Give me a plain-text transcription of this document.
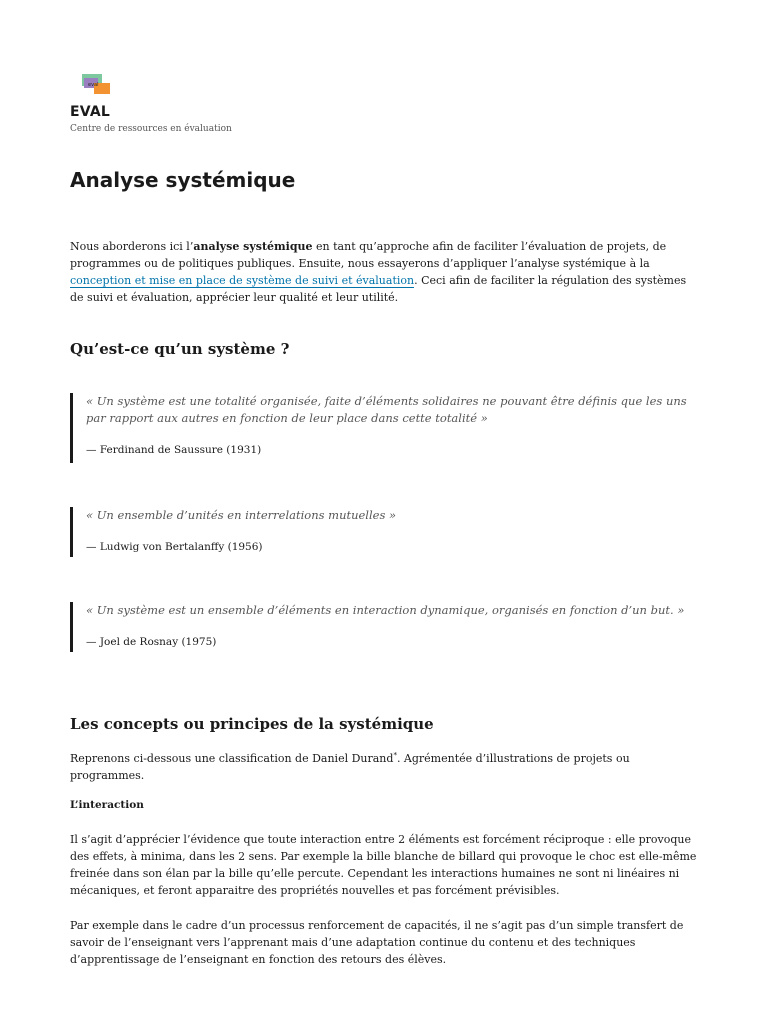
eval
EVAL
Centre de ressources en évaluation
Analyse systémique

Nous aborderons ici l’analyse systémique en tant qu’approche afin de faciliter l’évaluation de projets, de programmes ou de politiques publiques. Ensuite, nous essayerons d’appliquer l’analyse systémique à la conception et mise en place de système de suivi et évaluation. Ceci afin de faciliter la régulation des systèmes de suivi et évaluation, apprécier leur qualité et leur utilité.

Qu’est-ce qu’un système ?

« Un système est une totalité organisée, faite d’éléments solidaires ne pouvant être définis que les uns par rapport aux autres en fonction de leur place dans cette totalité »

— Ferdinand de Saussure (1931)

« Un ensemble d’unités en interrelations mutuelles »

— Ludwig von Bertalanffy (1956)

« Un système est un ensemble d’éléments en interaction dynamique, organisés en fonction d’un but. »

— Joel de Rosnay (1975)

Les concepts ou principes de la systémique

Reprenons ci-dessous une classification de Daniel Durand*. Agrémentée d’illustrations de projets ou programmes.

L’interaction

Il s’agit d’apprécier l’évidence que toute interaction entre 2 éléments est forcément réciproque : elle provoque des effets, à minima, dans les 2 sens. Par exemple la bille blanche de billard qui provoque le choc est elle-même freinée dans son élan par la bille qu’elle percute. Cependant les interactions humaines ne sont ni linéaires ni mécaniques, et feront apparaitre des propriétés nouvelles et pas forcément prévisibles.

Par exemple dans le cadre d’un processus renforcement de capacités, il ne s’agit pas d’un simple transfert de savoir de l’enseignant vers l’apprenant mais d’une adaptation continue du contenu et des techniques d’apprentissage de l’enseignant en fonction des retours des élèves.
